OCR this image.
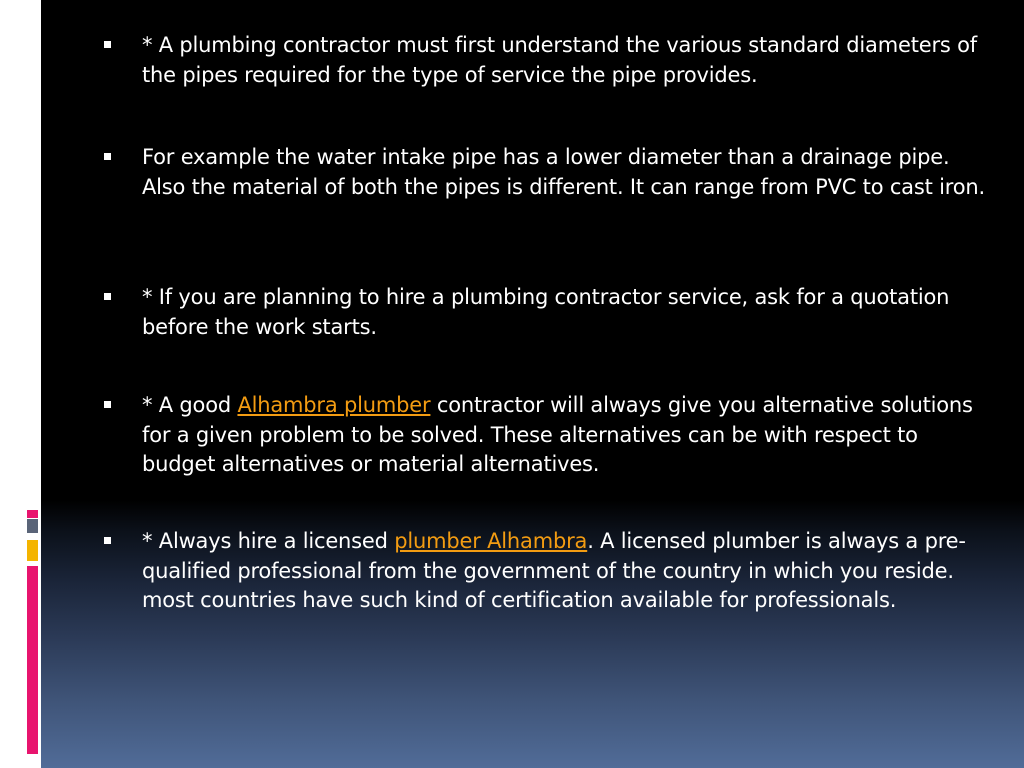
* A plumbing contractor must first understand the various standard diameters of the pipes required for the type of service the pipe provides.
For example the water intake pipe has a lower diameter than a drainage pipe. Also the material of both the pipes is different. It can range from PVC to cast iron.
* If you are planning to hire a plumbing contractor service, ask for a quotation before the work starts.
* A good Alhambra plumber contractor will always give you alternative solutions for a given problem to be solved. These alternatives can be with respect to budget alternatives or material alternatives.
* Always hire a licensed plumber Alhambra. A licensed plumber is always a pre-qualified professional from the government of the country in which you reside. most countries have such kind of certification available for professionals.
